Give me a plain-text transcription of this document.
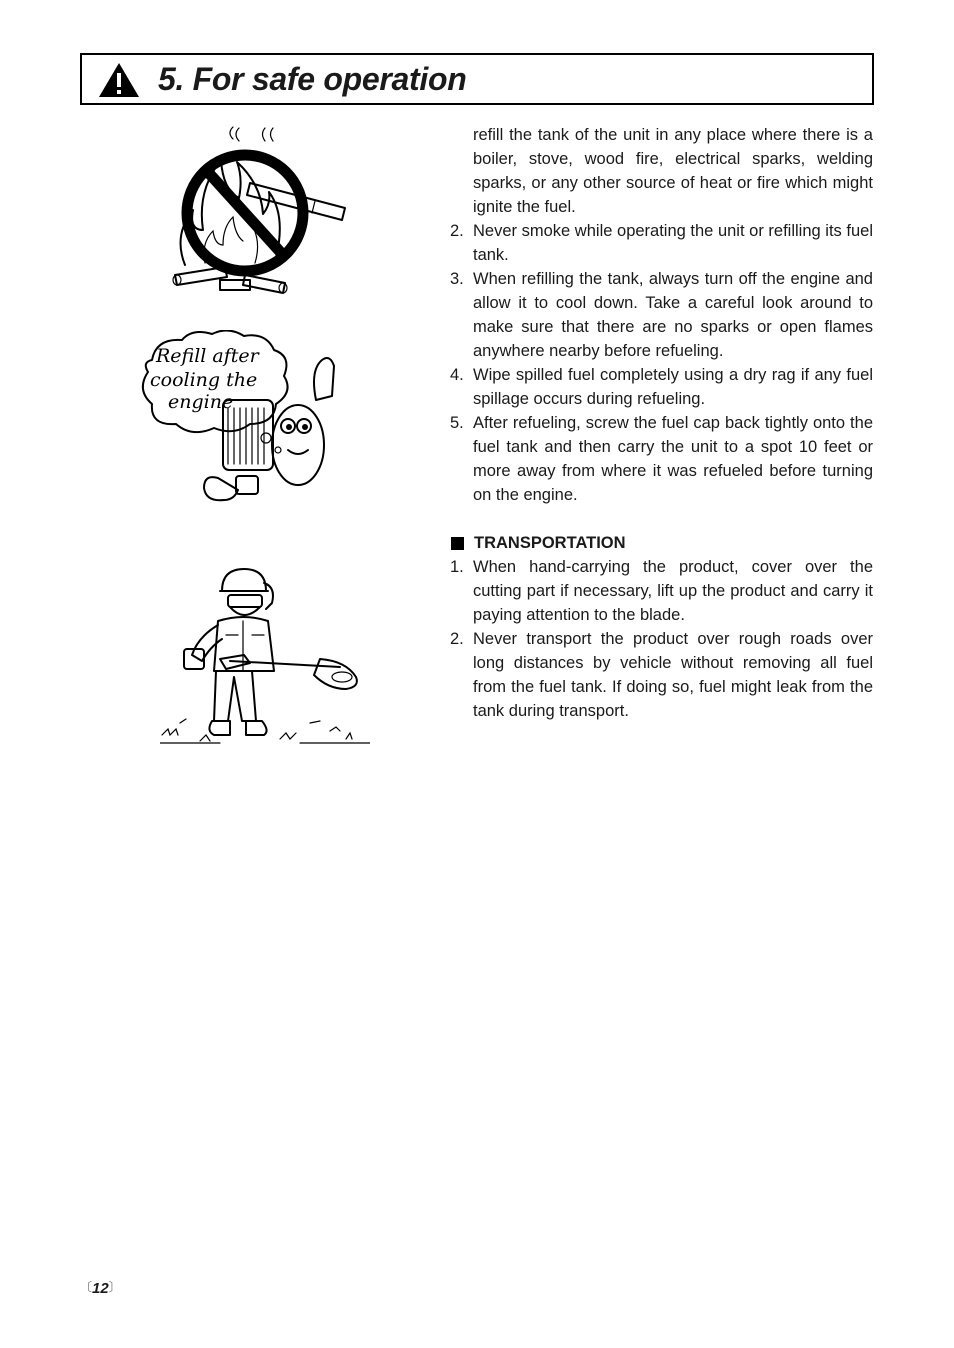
5. For safe operation
Refill after cooling the engine
refill the tank of the unit in any place where there is a boiler, stove, wood fire, electrical sparks, welding sparks, or any other source of heat or fire which might ignite the fuel.
2. Never smoke while operating the unit or refilling its fuel tank.
3. When refilling the tank, always turn off the engine and allow it to cool down. Take a careful look around to make sure that there are no sparks or open flames anywhere nearby before refueling.
4. Wipe spilled fuel completely using a dry rag if any fuel spillage occurs during refueling.
5. After refueling, screw the fuel cap back tightly onto the fuel tank and then carry the unit to a spot 10 feet or more away from where it was refueled before turning on the engine.
TRANSPORTATION
1. When hand-carrying the product, cover over the cutting part if necessary, lift up the product and carry it paying attention to the blade.
2. Never transport the product over rough roads over long distances by vehicle without removing all fuel from the fuel tank. If doing so, fuel might leak from the tank during transport.
〔12〕
